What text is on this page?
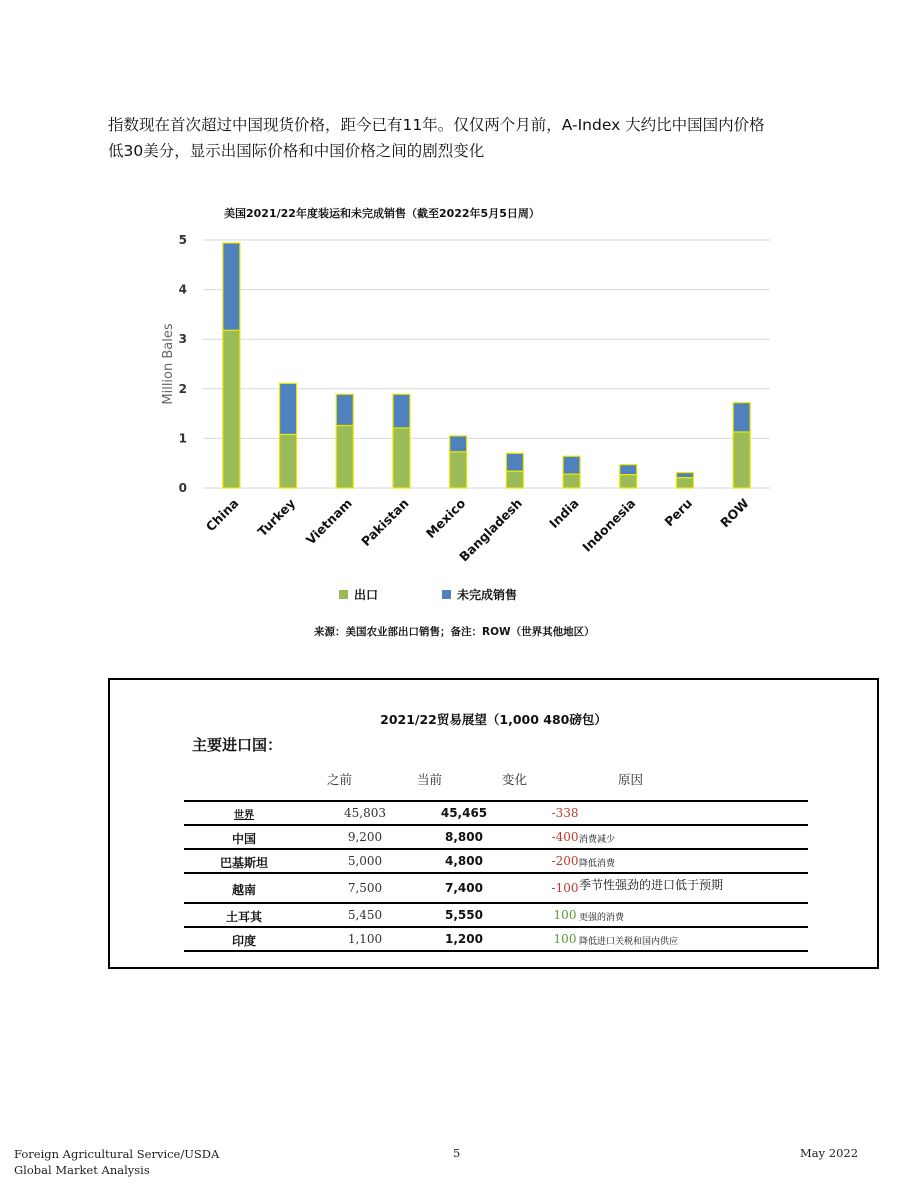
指数现在首次超过中国现货价格，距今已有11年。仅仅两个月前，A-Index 大约比中国国内价格
低30美分，显示出国际价格和中国价格之间的剧烈变化
美国2021/22年度装运和未完成销售（截至2022年5月5日周）
0
1
2
3
4
5
Million Bales
China Turkey Vietnam Pakistan Mexico
Bangladesh India
Indonesia Peru ROW
出口	未完成销售
来源：美国农业部出口销售；备注：ROW（世界其他地区）
2021/22贸易展望（1,000 480磅包）
主要进口国：
之前	当前	变化	原因
世界	45,803	45,465	-338
中国	9,200	8,800	-400 消费减少
巴基斯坦	5,000	4,800	-200 降低消费
越南	7,500	7,400	-100 季节性强劲的进口低于预期
土耳其	5,450	5,550	100 更强的消费
印度	1,100	1,200	100 降低进口关税和国内供应
Foreign Agricultural Service/USDA
Global Market Analysis
5	May 2022
